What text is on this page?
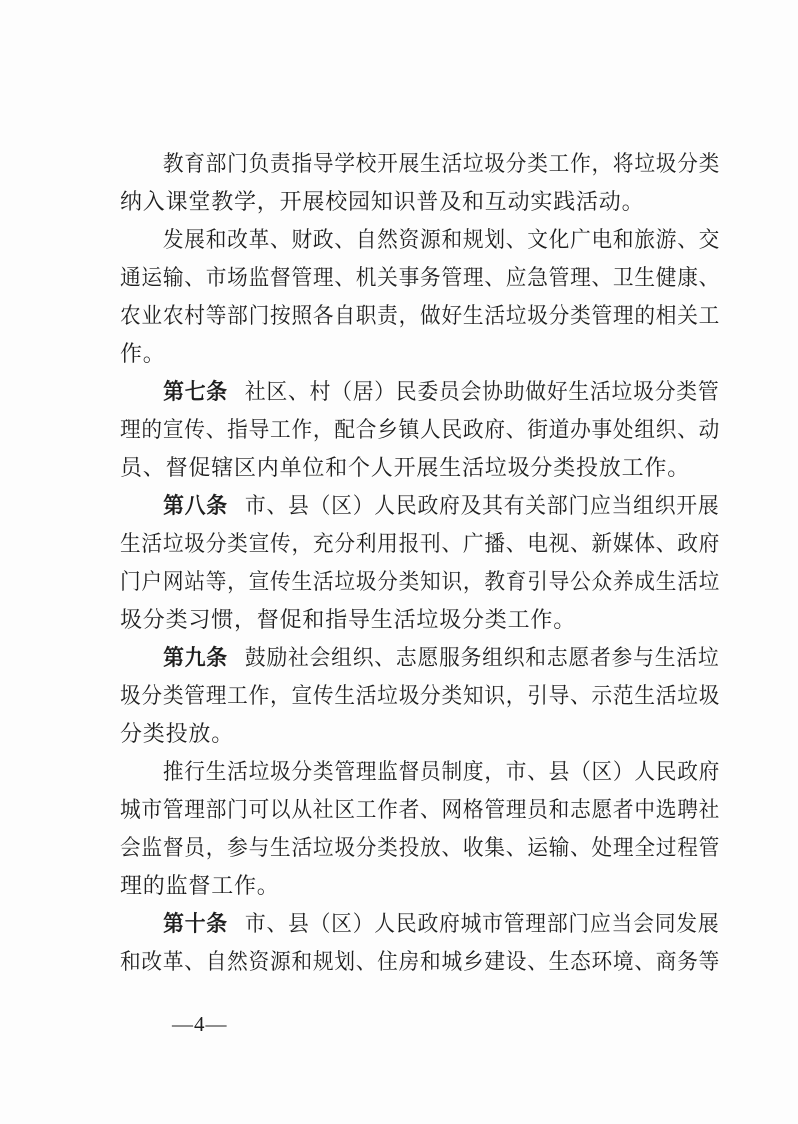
　　教育部门负责指导学校开展生活垃圾分类工作，将垃圾分类
纳入课堂教学，开展校园知识普及和互动实践活动。
　　发展和改革、财政、自然资源和规划、文化广电和旅游、交
通运输、市场监督管理、机关事务管理、应急管理、卫生健康、
农业农村等部门按照各自职责，做好生活垃圾分类管理的相关工
作。
　　第七条 社区、村（居）民委员会协助做好生活垃圾分类管
理的宣传、指导工作，配合乡镇人民政府、街道办事处组织、动
员、督促辖区内单位和个人开展生活垃圾分类投放工作。
　　第八条 市、县（区）人民政府及其有关部门应当组织开展
生活垃圾分类宣传，充分利用报刊、广播、电视、新媒体、政府
门户网站等，宣传生活垃圾分类知识，教育引导公众养成生活垃
圾分类习惯，督促和指导生活垃圾分类工作。
　　第九条 鼓励社会组织、志愿服务组织和志愿者参与生活垃
圾分类管理工作，宣传生活垃圾分类知识，引导、示范生活垃圾
分类投放。
　　推行生活垃圾分类管理监督员制度，市、县（区）人民政府
城市管理部门可以从社区工作者、网格管理员和志愿者中选聘社
会监督员，参与生活垃圾分类投放、收集、运输、处理全过程管
理的监督工作。
　　第十条 市、县（区）人民政府城市管理部门应当会同发展
和改革、自然资源和规划、住房和城乡建设、生态环境、商务等
—4—
